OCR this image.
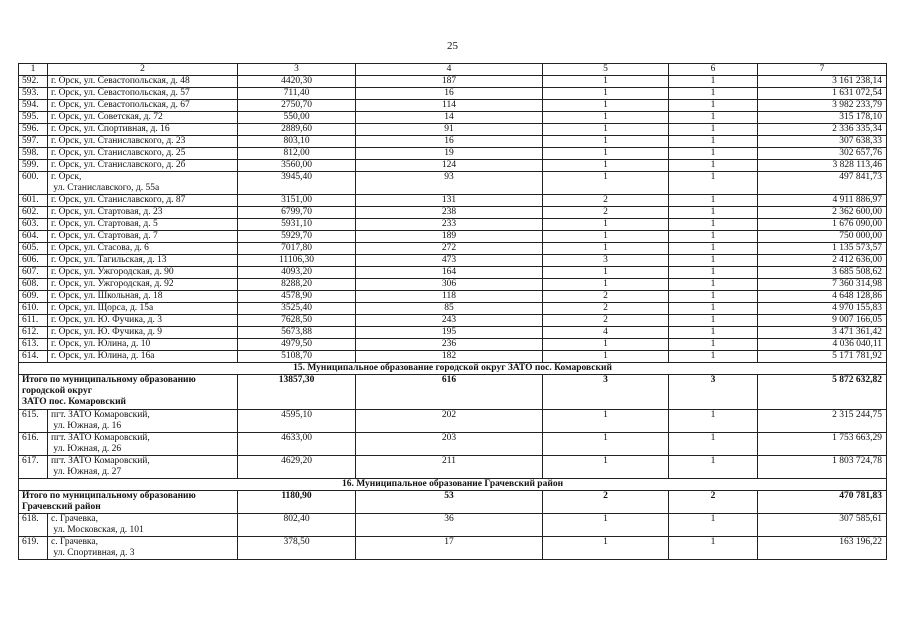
25
1	2	3	4	5	6	7
592.	г. Орск, ул. Севастопольская, д. 48	4420,30	187	1	1	3 161 238,14
593.	г. Орск, ул. Севастопольская, д. 57	711,40	16	1	1	1 631 072,54
594.	г. Орск, ул. Севастопольская, д. 67	2750,70	114	1	1	3 982 233,79
595.	г. Орск, ул. Советская, д. 72	550,00	14	1	1	315 178,10
596.	г. Орск, ул. Спортивная, д. 16	2889,60	91	1	1	2 336 335,34
597.	г. Орск, ул. Станиславского, д. 23	803,10	16	1	1	307 638,33
598.	г. Орск, ул. Станиславского, д. 25	812,00	19	1	1	302 657,76
599.	г. Орск, ул. Станиславского, д. 2б	3560,00	124	1	1	3 828 113,46
600.	г. Орск,
ул. Станиславского, д. 55а	3945,40	93	1	1	497 841,73
601.	г. Орск, ул. Станиславского, д. 87	3151,00	131	2	1	4 911 886,97
602.	г. Орск, ул. Стартовая, д. 23	6799,70	238	2	1	2 362 600,00
603.	г. Орск, ул. Стартовая, д. 5	5931,10	233	1	1	1 676 090,00
604.	г. Орск, ул. Стартовая, д. 7	5929,70	189	1	1	750 000,00
605.	г. Орск, ул. Стасова, д. 6	7017,80	272	1	1	1 135 573,57
606.	г. Орск, ул. Тагильская, д. 13	11106,30	473	3	1	2 412 636,00
607.	г. Орск, ул. Ужгородская, д. 90	4093,20	164	1	1	3 685 508,62
608.	г. Орск, ул. Ужгородская, д. 92	8288,20	306	1	1	7 360 314,98
609.	г. Орск, ул. Школьная, д. 18	4578,90	118	2	1	4 648 128,86
610.	г. Орск, ул. Щорса, д. 15а	3525,40	85	2	1	4 970 155,83
611.	г. Орск, ул. Ю. Фучика, д. 3	7628,50	243	2	1	9 007 166,05
612.	г. Орск, ул. Ю. Фучика, д. 9	5673,88	195	4	1	3 471 361,42
613.	г. Орск, ул. Юлина, д. 10	4979,50	236	1	1	4 036 040,11
614.	г. Орск, ул. Юлина, д. 16а	5108,70	182	1	1	5 171 781,92
15. Муниципальное образование городской округ ЗАТО пос. Комаровский						
Итого по муниципальному образованию городской округ
ЗАТО пос. Комаровский		13857,30	616	3	3	5 872 632,82
615.	пгт. ЗАТО Комаровский,
ул. Южная, д. 16	4595,10	202	1	1	2 315 244,75
616.	пгт. ЗАТО Комаровский,
ул. Южная, д. 26	4633,00	203	1	1	1 753 663,29
617.	пгт. ЗАТО Комаровский,
ул. Южная, д. 27	4629,20	211	1	1	1 803 724,78
16. Муниципальное образование Грачевский район						
Итого по муниципальному образованию
Грачевский район		1180,90	53	2	2	470 781,83
618.	с. Грачевка,
ул. Московская, д. 101	802,40	36	1	1	307 585,61
619.	с. Грачевка,
ул. Спортивная, д. 3	378,50	17	1	1	163 196,22
